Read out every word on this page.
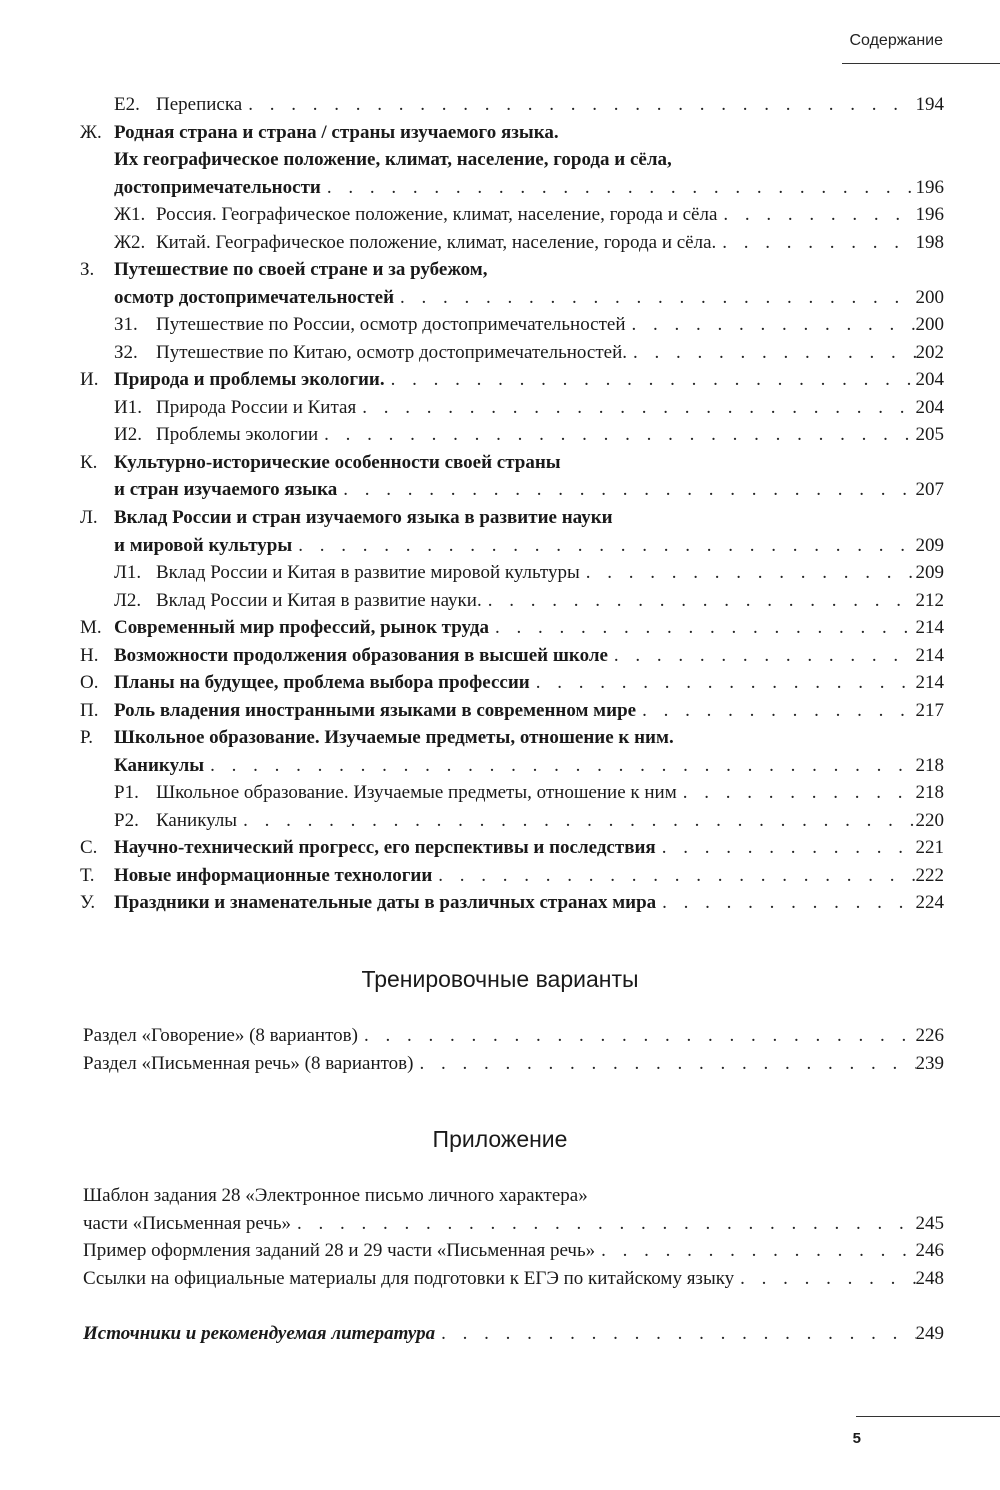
Содержание
Е2. Переписка . . .	194
Ж. Родная страна и страна / страны изучаемого языка.
Их географическое положение, климат, население, города и сёла,
достопримечательности . . .	196
Ж1. Россия. Географическое положение, климат, население, города и сёла . . .	196
Ж2. Китай. Географическое положение, климат, население, города и сёла. . . .	198
З. Путешествие по своей стране и за рубежом,
осмотр достопримечательностей . . .	200
З1. Путешествие по России, осмотр достопримечательностей . . .	200
З2. Путешествие по Китаю, осмотр достопримечательностей. . . .	202
И. Природа и проблемы экологии. . . .	204
И1. Природа России и Китая . . .	204
И2. Проблемы экологии . . .	205
К. Культурно-исторические особенности своей страны
и стран изучаемого языка . . .	207
Л. Вклад России и стран изучаемого языка в развитие науки
и мировой культуры . . .	209
Л1. Вклад России и Китая в развитие мировой культуры . . .	209
Л2. Вклад России и Китая в развитие науки. . . .	212
М. Современный мир профессий, рынок труда . . .	214
Н. Возможности продолжения образования в высшей школе . . .	214
О. Планы на будущее, проблема выбора профессии . . .	214
П. Роль владения иностранными языками в современном мире . . .	217
Р. Школьное образование. Изучаемые предметы, отношение к ним.
Каникулы . . .	218
Р1. Школьное образование. Изучаемые предметы, отношение к ним . . .	218
Р2. Каникулы . . .	220
С. Научно-технический прогресс, его перспективы и последствия . . .	221
Т.	Новые информационные технологии . . .	222
У. Праздники и знаменательные даты в различных странах мира . . .	224
Тренировочные варианты
Раздел «Говорение» (8 вариантов) . . .	226
Раздел «Письменная речь» (8 вариантов) . . .	239
Приложение
Шаблон задания 28 «Электронное письмо личного характера»
части «Письменная речь» . . .	245
Пример оформления заданий 28 и 29 части «Письменная речь» . . .	246
Ссылки на официальные материалы для подготовки к ЕГЭ по китайскому языку . . .	248
Источники и рекомендуемая литература . . .	249
5
